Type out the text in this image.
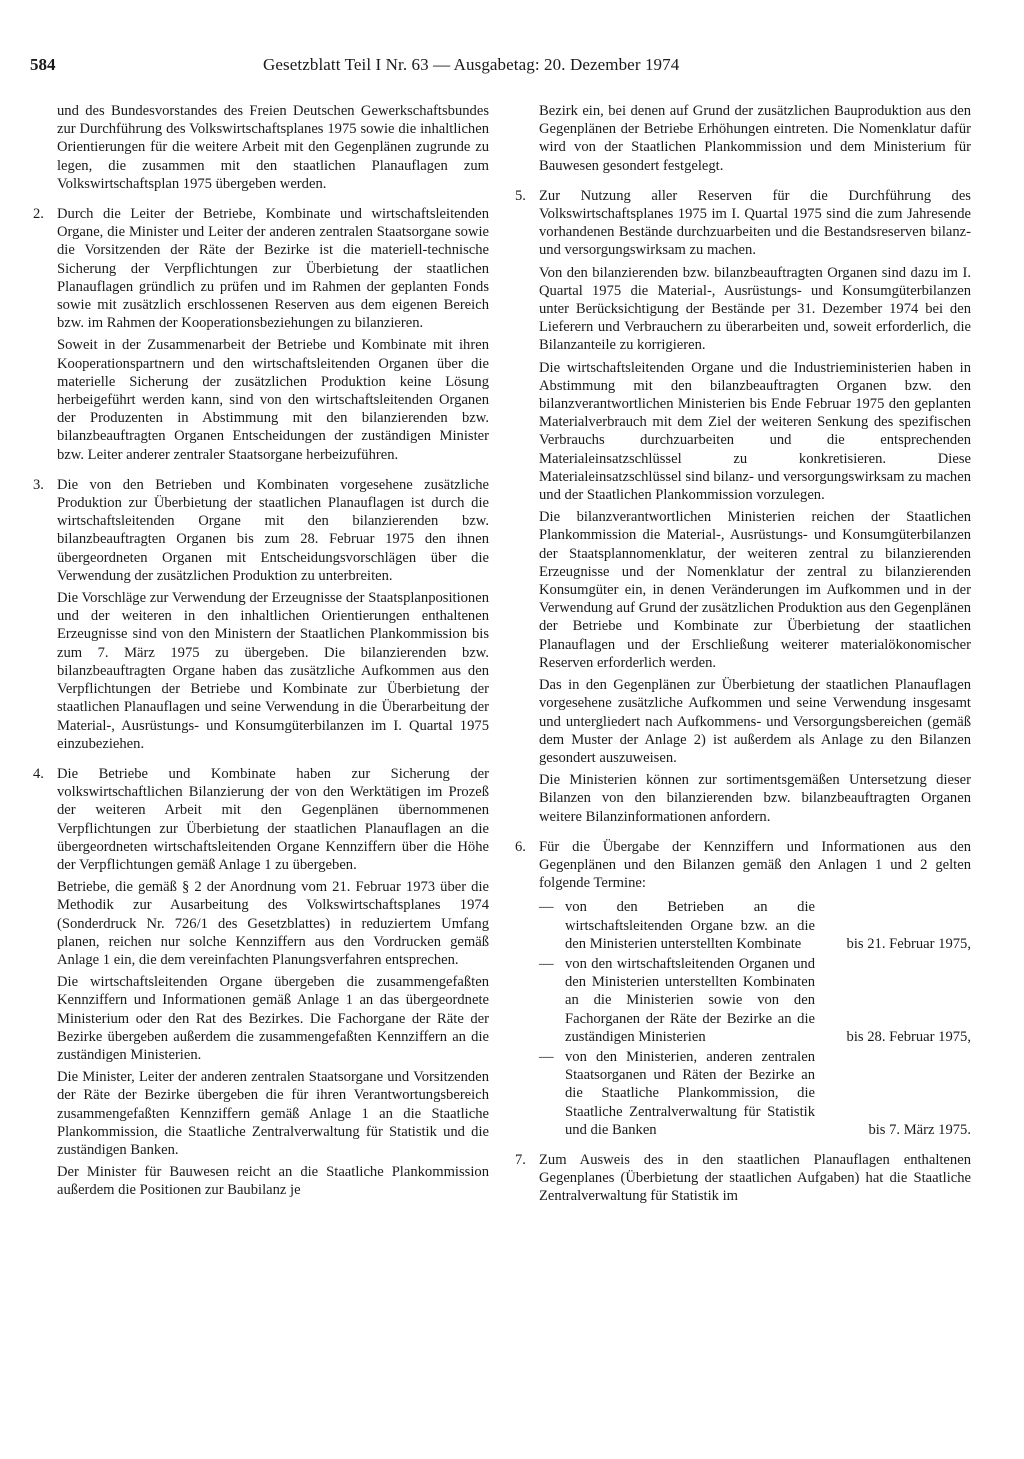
584	Gesetzblatt Teil I Nr. 63 — Ausgabetag: 20. Dezember 1974

und des Bundesvorstandes des Freien Deutschen Gewerkschaftsbundes zur Durchführung des Volkswirtschaftsplanes 1975 sowie die inhaltlichen Orientierungen für die weitere Arbeit mit den Gegenplänen zugrunde zu legen, die zusammen mit den staatlichen Planauflagen zum Volkswirtschaftsplan 1975 übergeben werden.

2. Durch die Leiter der Betriebe, Kombinate und wirtschaftsleitenden Organe, die Minister und Leiter der anderen zentralen Staatsorgane sowie die Vorsitzenden der Räte der Bezirke ist die materiell-technische Sicherung der Verpflichtungen zur Überbietung der staatlichen Planauflagen gründlich zu prüfen und im Rahmen der geplanten Fonds sowie mit zusätzlich erschlossenen Reserven aus dem eigenen Bereich bzw. im Rahmen der Kooperationsbeziehungen zu bilanzieren.

Soweit in der Zusammenarbeit der Betriebe und Kombinate mit ihren Kooperationspartnern und den wirtschaftsleitenden Organen über die materielle Sicherung der zusätzlichen Produktion keine Lösung herbeigeführt werden kann, sind von den wirtschaftsleitenden Organen der Produzenten in Abstimmung mit den bilanzierenden bzw. bilanzbeauftragten Organen Entscheidungen der zuständigen Minister bzw. Leiter anderer zentraler Staatsorgane herbeizuführen.

3. Die von den Betrieben und Kombinaten vorgesehene zusätzliche Produktion zur Überbietung der staatlichen Planauflagen ist durch die wirtschaftsleitenden Organe mit den bilanzierenden bzw. bilanzbeauftragten Organen bis zum 28. Februar 1975 den ihnen übergeordneten Organen mit Entscheidungsvorschlägen über die Verwendung der zusätzlichen Produktion zu unterbreiten.

Die Vorschläge zur Verwendung der Erzeugnisse der Staatsplanpositionen und der weiteren in den inhaltlichen Orientierungen enthaltenen Erzeugnisse sind von den Ministern der Staatlichen Plankommission bis zum 7. März 1975 zu übergeben. Die bilanzierenden bzw. bilanzbeauftragten Organe haben das zusätzliche Aufkommen aus den Verpflichtungen der Betriebe und Kombinate zur Überbietung der staatlichen Planauflagen und seine Verwendung in die Überarbeitung der Material-, Ausrüstungs- und Konsumgüterbilanzen im I. Quartal 1975 einzubeziehen.

4. Die Betriebe und Kombinate haben zur Sicherung der volkswirtschaftlichen Bilanzierung der von den Werktätigen im Prozeß der weiteren Arbeit mit den Gegenplänen übernommenen Verpflichtungen zur Überbietung der staatlichen Planauflagen an die übergeordneten wirtschaftsleitenden Organe Kennziffern über die Höhe der Verpflichtungen gemäß Anlage 1 zu übergeben.

Betriebe, die gemäß § 2 der Anordnung vom 21. Februar 1973 über die Methodik zur Ausarbeitung des Volkswirtschaftsplanes 1974 (Sonderdruck Nr. 726/1 des Gesetzblattes) in reduziertem Umfang planen, reichen nur solche Kennziffern aus den Vordrucken gemäß Anlage 1 ein, die dem vereinfachten Planungsverfahren entsprechen.

Die wirtschaftsleitenden Organe übergeben die zusammengefaßten Kennziffern und Informationen gemäß Anlage 1 an das übergeordnete Ministerium oder den Rat des Bezirkes. Die Fachorgane der Räte der Bezirke übergeben außerdem die zusammengefaßten Kennziffern an die zuständigen Ministerien.

Die Minister, Leiter der anderen zentralen Staatsorgane und Vorsitzenden der Räte der Bezirke übergeben die für ihren Verantwortungsbereich zusammengefaßten Kennziffern gemäß Anlage 1 an die Staatliche Plankommission, die Staatliche Zentralverwaltung für Statistik und die zuständigen Banken.

Der Minister für Bauwesen reicht an die Staatliche Plankommission außerdem die Positionen zur Baubilanz je

Bezirk ein, bei denen auf Grund der zusätzlichen Bauproduktion aus den Gegenplänen der Betriebe Erhöhungen eintreten. Die Nomenklatur dafür wird von der Staatlichen Plankommission und dem Ministerium für Bauwesen gesondert festgelegt.

5. Zur Nutzung aller Reserven für die Durchführung des Volkswirtschaftsplanes 1975 im I. Quartal 1975 sind die zum Jahresende vorhandenen Bestände durchzuarbeiten und die Bestandsreserven bilanz- und versorgungswirksam zu machen.

Von den bilanzierenden bzw. bilanzbeauftragten Organen sind dazu im I. Quartal 1975 die Material-, Ausrüstungs- und Konsumgüterbilanzen unter Berücksichtigung der Bestände per 31. Dezember 1974 bei den Lieferern und Verbrauchern zu überarbeiten und, soweit erforderlich, die Bilanzanteile zu korrigieren.

Die wirtschaftsleitenden Organe und die Industrieministerien haben in Abstimmung mit den bilanzbeauftragten Organen bzw. den bilanzverantwortlichen Ministerien bis Ende Februar 1975 den geplanten Materialverbrauch mit dem Ziel der weiteren Senkung des spezifischen Verbrauchs durchzuarbeiten und die entsprechenden Materialeinsatzschlüssel zu konkretisieren. Diese Materialeinsatzschlüssel sind bilanz- und versorgungswirksam zu machen und der Staatlichen Plankommission vorzulegen.

Die bilanzverantwortlichen Ministerien reichen der Staatlichen Plankommission die Material-, Ausrüstungs- und Konsumgüterbilanzen der Staatsplannomenklatur, der weiteren zentral zu bilanzierenden Erzeugnisse und der Nomenklatur der zentral zu bilanzierenden Konsumgüter ein, in denen Veränderungen im Aufkommen und in der Verwendung auf Grund der zusätzlichen Produktion aus den Gegenplänen der Betriebe und Kombinate zur Überbietung der staatlichen Planauflagen und der Erschließung weiterer materialökonomischer Reserven erforderlich werden.

Das in den Gegenplänen zur Überbietung der staatlichen Planauflagen vorgesehene zusätzliche Aufkommen und seine Verwendung insgesamt und untergliedert nach Aufkommens- und Versorgungsbereichen (gemäß dem Muster der Anlage 2) ist außerdem als Anlage zu den Bilanzen gesondert auszuweisen.

Die Ministerien können zur sortimentsgemäßen Untersetzung dieser Bilanzen von den bilanzierenden bzw. bilanzbeauftragten Organen weitere Bilanzinformationen anfordern.

6. Für die Übergabe der Kennziffern und Informationen aus den Gegenplänen und den Bilanzen gemäß den Anlagen 1 und 2 gelten folgende Termine:

— von den Betrieben an die wirtschaftsleitenden Organe bzw. an die den Ministerien unterstellten Kombinate	bis 21. Februar 1975,
— von den wirtschaftsleitenden Organen und den Ministerien unterstellten Kombinaten an die Ministerien sowie von den Fachorganen der Räte der Bezirke an die zuständigen Ministerien	bis 28. Februar 1975,
— von den Ministerien, anderen zentralen Staatsorganen und Räten der Bezirke an die Staatliche Plankommission, die Staatliche Zentralverwaltung für Statistik und die Banken	bis 7. März 1975.
7. Zum Ausweis des in den staatlichen Planauflagen enthaltenen Gegenplanes (Überbietung der staatlichen Aufgaben) hat die Staatliche Zentralverwaltung für Statistik im
